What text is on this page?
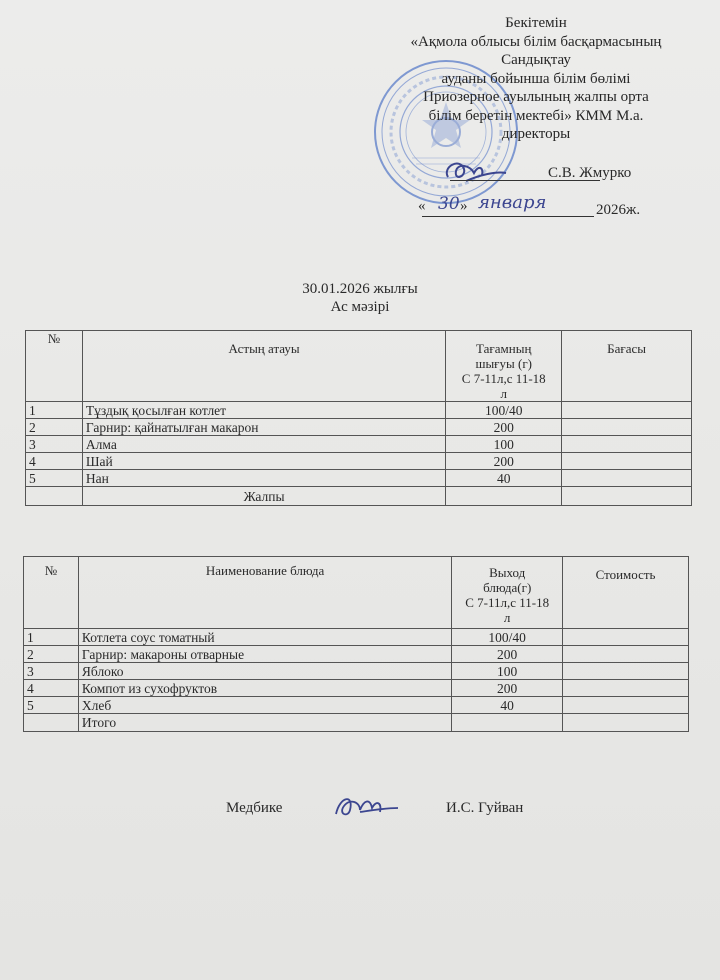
Бекітемін
«Ақмола облысы білім басқармасының
Сандықтау
ауданы бойынша білім бөлімі
Приозерное ауылының жалпы орта
білім беретін мектебі» КММ М.а.
директоры
С.В. Жмурко
« 30 » января	2026ж.
30.01.2026 жылғы
Ас мәзірі
№	Астың атауы	Тағамның
шығуы (г)
С 7-11л,с 11-18
л	Бағасы
1	Тұздық қосылған котлет	100/40	
2	Гарнир: қайнатылған макарон	200	
3	Алма	100	
4	Шай	200	
5	Нан	40	
	Жалпы		
№	Наименование блюда	Выход
блюда(г)
С 7-11л,с 11-18
л	Стоимость
1	Котлета соус томатный	100/40	
2	Гарнир: макароны отварные	200	
3	Яблоко	100	
4	Компот из сухофруктов	200	
5	Хлеб	40	
	Итого		
Медбике	И.С. Гуйван
